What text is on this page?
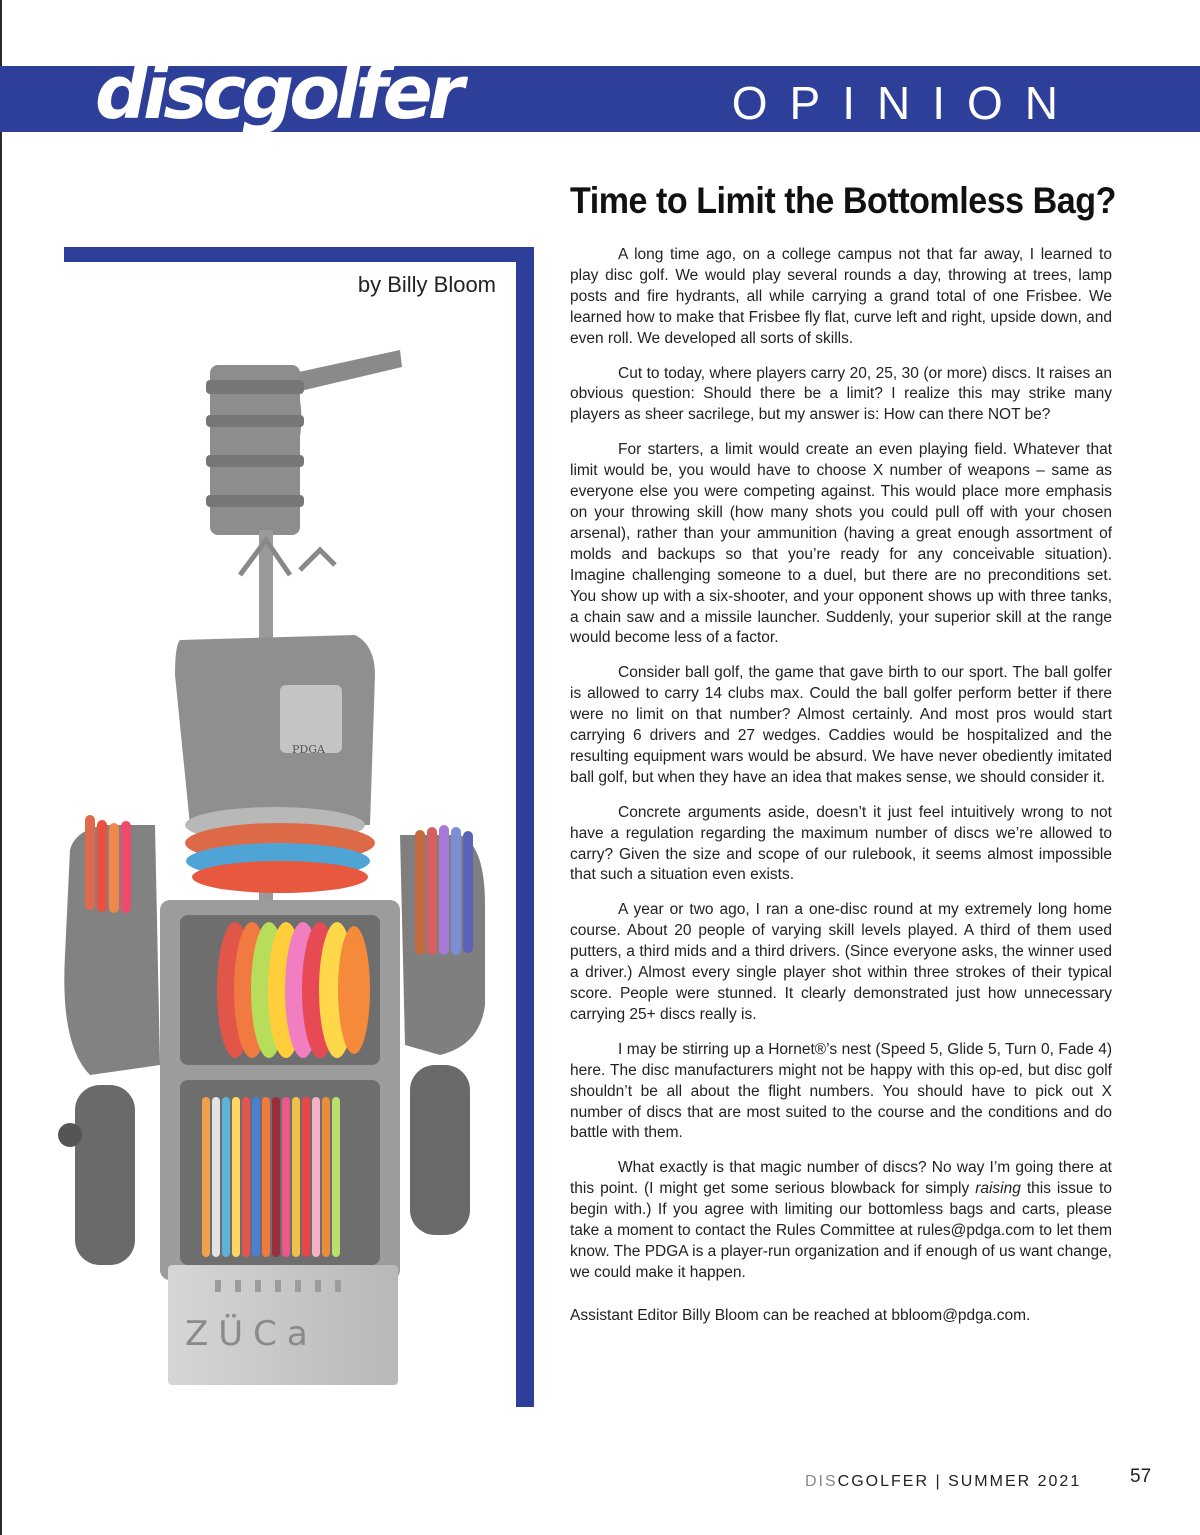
discgolfer	OPINION
by Billy Bloom
PDGA
ZÜCa
Time to Limit the Bottomless Bag?

A long time ago, on a college campus not that far away, I learned to play disc golf. We would play several rounds a day, throwing at trees, lamp posts and fire hydrants, all while carrying a grand total of one Frisbee. We learned how to make that Frisbee fly flat, curve left and right, upside down, and even roll. We developed all sorts of skills.

Cut to today, where players carry 20, 25, 30 (or more) discs. It raises an obvious question: Should there be a limit? I realize this may strike many players as sheer sacrilege, but my answer is: How can there NOT be?

For starters, a limit would create an even playing field. Whatever that limit would be, you would have to choose X number of weapons – same as everyone else you were competing against. This would place more emphasis on your throwing skill (how many shots you could pull off with your chosen arsenal), rather than your ammunition (having a great enough assortment of molds and backups so that you’re ready for any conceivable situation). Imagine challenging someone to a duel, but there are no preconditions set. You show up with a six-shooter, and your opponent shows up with three tanks, a chain saw and a missile launcher. Suddenly, your superior skill at the range would become less of a factor.

Consider ball golf, the game that gave birth to our sport. The ball golfer is allowed to carry 14 clubs max. Could the ball golfer perform better if there were no limit on that number? Almost certainly. And most pros would start carrying 6 drivers and 27 wedges. Caddies would be hospitalized and the resulting equipment wars would be absurd. We have never obediently imitated ball golf, but when they have an idea that makes sense, we should consider it.

Concrete arguments aside, doesn’t it just feel intuitively wrong to not have a regulation regarding the maximum number of discs we’re allowed to carry? Given the size and scope of our rulebook, it seems almost impossible that such a situation even exists.

A year or two ago, I ran a one-disc round at my extremely long home course. About 20 people of varying skill levels played. A third of them used putters, a third mids and a third drivers. (Since everyone asks, the winner used a driver.) Almost every single player shot within three strokes of their typical score. People were stunned. It clearly demonstrated just how unnecessary carrying 25+ discs really is.

I may be stirring up a Hornet®’s nest (Speed 5, Glide 5, Turn 0, Fade 4) here. The disc manufacturers might not be happy with this op-ed, but disc golf shouldn’t be all about the flight numbers. You should have to pick out X number of discs that are most suited to the course and the conditions and do battle with them.

What exactly is that magic number of discs? No way I’m going there at this point. (I might get some serious blowback for simply raising this issue to begin with.) If you agree with limiting our bottomless bags and carts, please take a moment to contact the Rules Committee at rules@pdga.com to let them know. The PDGA is a player-run organization and if enough of us want change, we could make it happen.

Assistant Editor Billy Bloom can be reached at bbloom@pdga.com.

DISCGOLFER | SUMMER 2021	57
